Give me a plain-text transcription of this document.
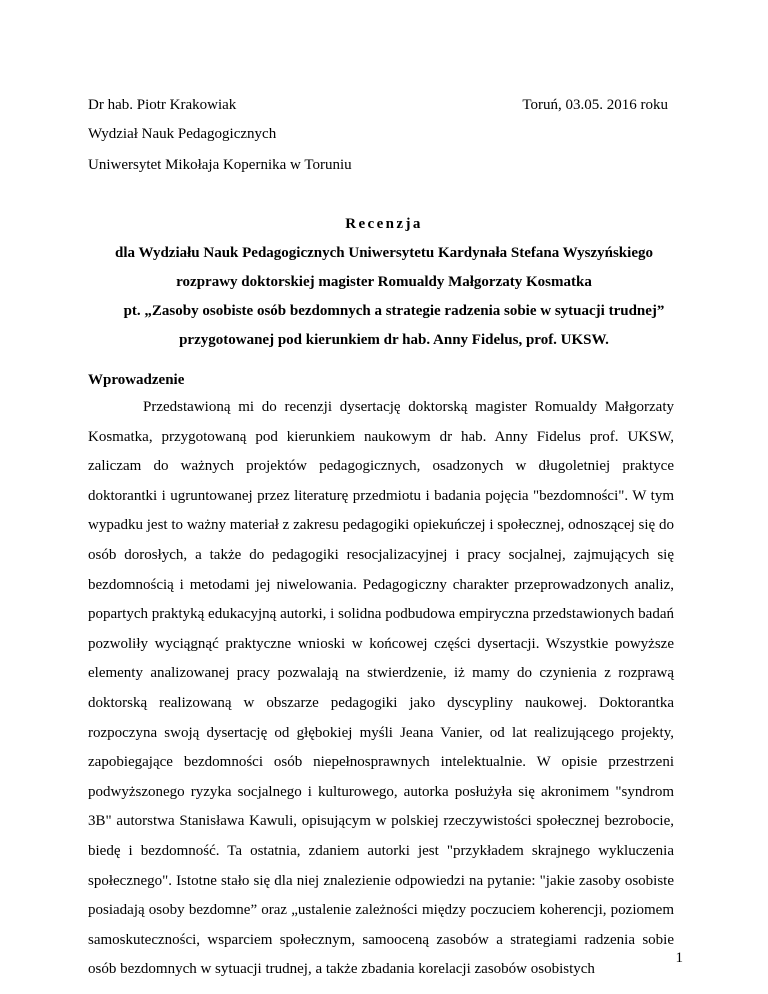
Dr hab. Piotr Krakowiak	Toruń, 03.05. 2016 roku
Wydział Nauk Pedagogicznych
Uniwersytet Mikołaja Kopernika w Toruniu
Recenzja
dla Wydziału Nauk Pedagogicznych Uniwersytetu Kardynała Stefana Wyszyńskiego
rozprawy doktorskiej magister Romualdy Małgorzaty Kosmatka
pt. „Zasoby osobiste osób bezdomnych a strategie radzenia sobie w sytuacji trudnej” przygotowanej pod kierunkiem dr hab. Anny Fidelus, prof. UKSW.
Wprowadzenie
Przedstawioną mi do recenzji dysertację doktorską magister Romualdy Małgorzaty Kosmatka, przygotowaną pod kierunkiem naukowym dr hab. Anny Fidelus prof. UKSW, zaliczam do ważnych projektów pedagogicznych, osadzonych w długoletniej praktyce doktorantki i ugruntowanej przez literaturę przedmiotu i badania pojęcia "bezdomności". W tym wypadku jest to ważny materiał z zakresu pedagogiki opiekuńczej i społecznej, odnoszącej się do osób dorosłych, a także do pedagogiki resocjalizacyjnej i pracy socjalnej, zajmujących się bezdomnością i metodami jej niwelowania. Pedagogiczny charakter przeprowadzonych analiz, popartych praktyką edukacyjną autorki, i solidna podbudowa empiryczna przedstawionych badań pozwoliły wyciągnąć praktyczne wnioski w końcowej części dysertacji. Wszystkie powyższe elementy analizowanej pracy pozwalają na stwierdzenie, iż mamy do czynienia z rozprawą doktorską realizowaną w obszarze pedagogiki jako dyscypliny naukowej. Doktorantka rozpoczyna swoją dysertację od głębokiej myśli Jeana Vanier, od lat realizującego projekty, zapobiegające bezdomności osób niepełnosprawnych intelektualnie. W opisie przestrzeni podwyższonego ryzyka socjalnego i kulturowego, autorka posłużyła się akronimem "syndrom 3B" autorstwa Stanisława Kawuli, opisującym w polskiej rzeczywistości społecznej bezrobocie, biedę i bezdomność. Ta ostatnia, zdaniem autorki jest "przykładem skrajnego wykluczenia społecznego". Istotne stało się dla niej znalezienie odpowiedzi na pytanie: "jakie zasoby osobiste posiadają osoby bezdomne” oraz „ustalenie zależności między poczuciem koherencji, poziomem samoskuteczności, wsparciem społecznym, samooceną zasobów a strategiami radzenia sobie osób bezdomnych w sytuacji trudnej, a także zbadania korelacji zasobów osobistych
1
